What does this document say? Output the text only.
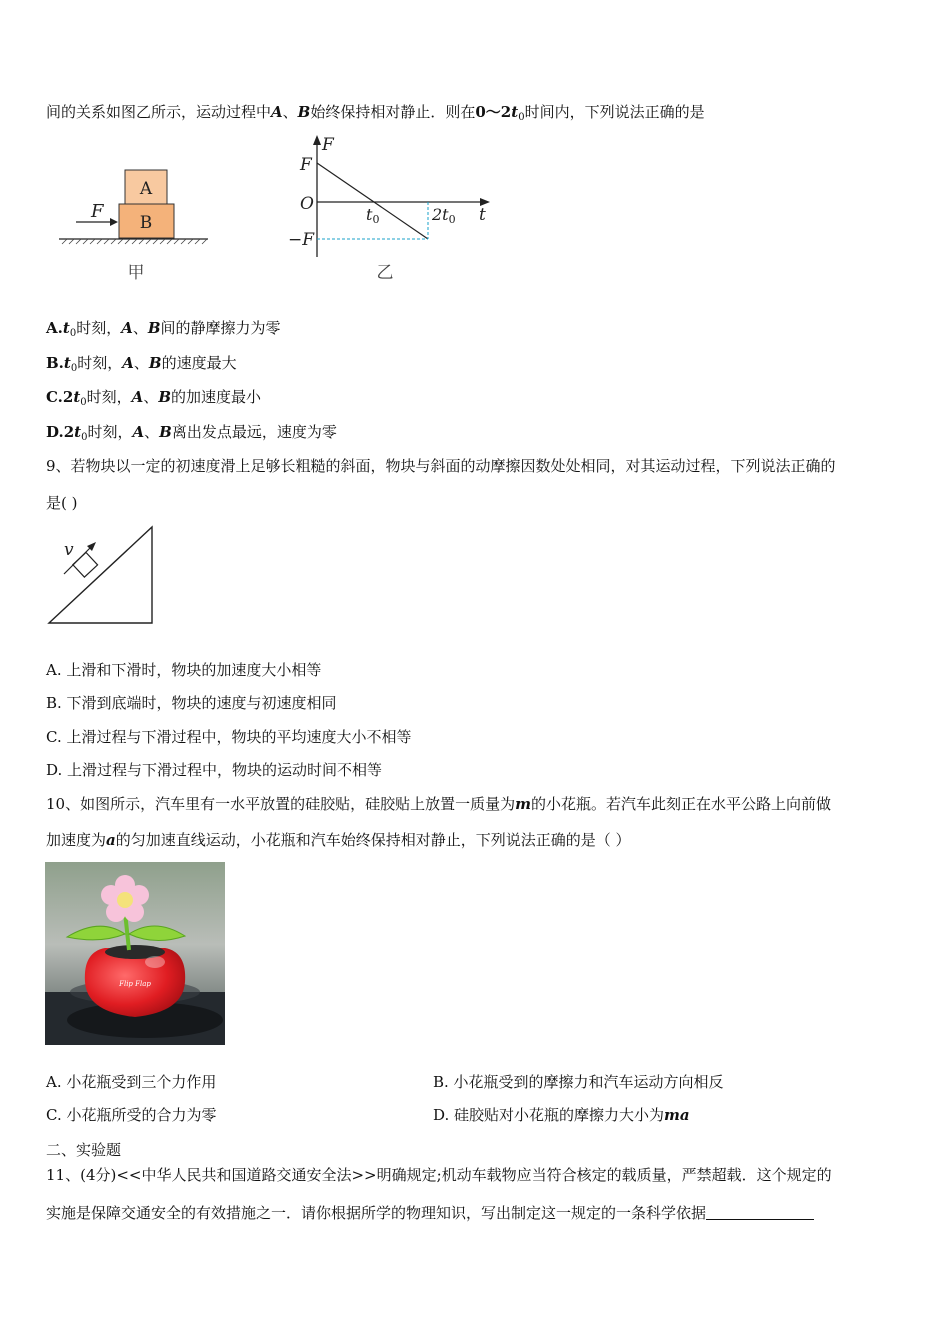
间的关系如图乙所示，运动过程中A、B始终保持相对静止．则在$0\sim 2t_0$时间内，下列说法正确的是
A
B
F
甲
F
F
O
−F
t0	2t0 t
乙
$A.t_0$时刻，A、B间的静摩擦力为零
$B.t_0$时刻，A、B的速度最大
$C.2t_0$时刻，A、B的加速度最小
$D.2t_0$时刻，A、B离出发点最远，速度为零
9、若物块以一定的初速度滑上足够长粗糙的斜面，物块与斜面的动摩擦因数处处相同，对其运动过程，下列说法正确的
是( )
v
A. 上滑和下滑时，物块的加速度大小相等
B. 下滑到底端时，物块的速度与初速度相同
C. 上滑过程与下滑过程中，物块的平均速度大小不相等
D. 上滑过程与下滑过程中，物块的运动时间不相等
10、如图所示，汽车里有一水平放置的硅胶贴，硅胶贴上放置一质量为m的小花瓶。若汽车此刻正在水平公路上向前做
加速度为a的匀加速直线运动，小花瓶和汽车始终保持相对静止，下列说法正确的是（ ）
Flip Flap
A. 小花瓶受到三个力作用	B. 小花瓶受到的摩擦力和汽车运动方向相反
C. 小花瓶所受的合力为零	D. 硅胶贴对小花瓶的摩擦力大小为ma
二、实验题
11、(4分)<<中华人民共和国道路交通安全法>>明确规定;机动车载物应当符合核定的载质量，严禁超载．这个规定的
实施是保障交通安全的有效措施之一．请你根据所学的物理知识，写出制定这一规定的一条科学依据
